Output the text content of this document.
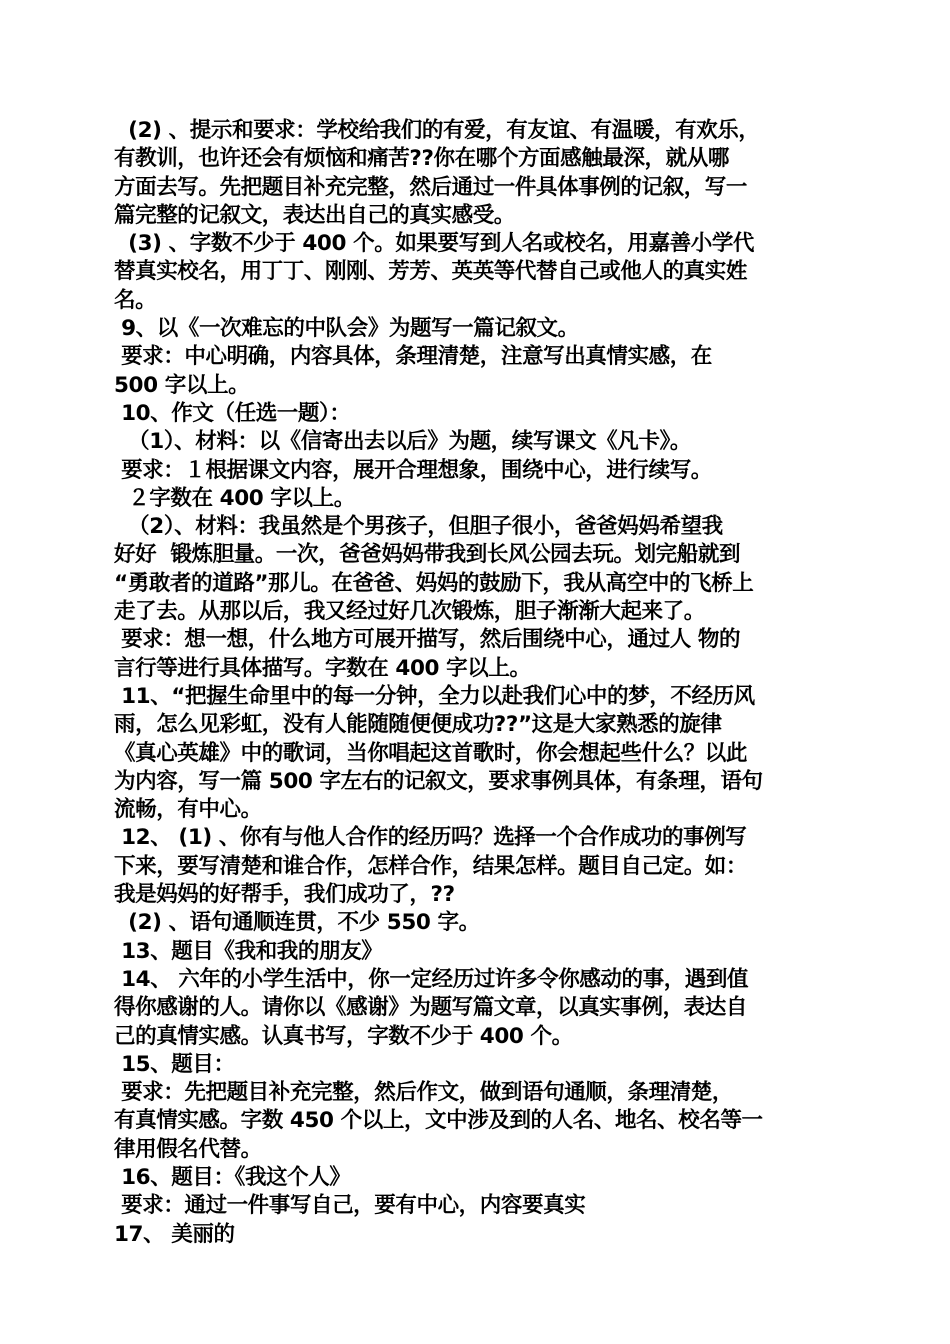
(2) 、提示和要求：学校给我们的有爱，有友谊、有温暖，有欢乐，
有教训，也许还会有烦恼和痛苦??你在哪个方面感触最深，就从哪
方面去写。先把题目补充完整，然后通过一件具体事例的记叙，写一
篇完整的记叙文，表达出自己的真实感受。
(3) 、字数不少于 400 个。如果要写到人名或校名，用嘉善小学代
替真实校名，用丁丁、刚刚、芳芳、英英等代替自己或他人的真实姓
名。
9、以《一次难忘的中队会》为题写一篇记叙文。
要求：中心明确，内容具体，条理清楚，注意写出真情实感，在
500 字以上。
10、作文（任选一题）：
（1）、材料：以《信寄出去以后》为题，续写课文《凡卡》。
要求：１根据课文内容，展开合理想象，围绕中心，进行续写。
２字数在 400 字以上。
（2）、材料：我虽然是个男孩子，但胆子很小，爸爸妈妈希望我
好好  锻炼胆量。一次，爸爸妈妈带我到长风公园去玩。划完船就到
“勇敢者的道路”那儿。在爸爸、妈妈的鼓励下，我从高空中的飞桥上
走了去。从那以后，我又经过好几次锻炼，胆子渐渐大起来了。
要求：想一想，什么地方可展开描写，然后围绕中心，通过人 物的
言行等进行具体描写。字数在 400 字以上。
11、“把握生命里中的每一分钟，全力以赴我们心中的梦，不经历风
雨，怎么见彩虹，没有人能随随便便成功??”这是大家熟悉的旋律
《真心英雄》中的歌词，当你唱起这首歌时，你会想起些什么？以此
为内容，写一篇 500 字左右的记叙文，要求事例具体，有条理，语句
流畅，有中心。
12、 (1) 、你有与他人合作的经历吗？选择一个合作成功的事例写
下来，要写清楚和谁合作，怎样合作，结果怎样。题目自己定。如：
我是妈妈的好帮手，我们成功了，??
(2) 、语句通顺连贯，不少 550 字。
13、题目《我和我的朋友》
14、 六年的小学生活中，你一定经历过许多令你感动的事，遇到值
得你感谢的人。请你以《感谢》为题写篇文章，以真实事例，表达自
己的真情实感。认真书写，字数不少于 400 个。
15、题目：
要求：先把题目补充完整，然后作文，做到语句通顺，条理清楚，
有真情实感。字数 450 个以上，文中涉及到的人名、地名、校名等一
律用假名代替。
16、题目：《我这个人》
要求：通过一件事写自己，要有中心，内容要真实
17、 美丽的
